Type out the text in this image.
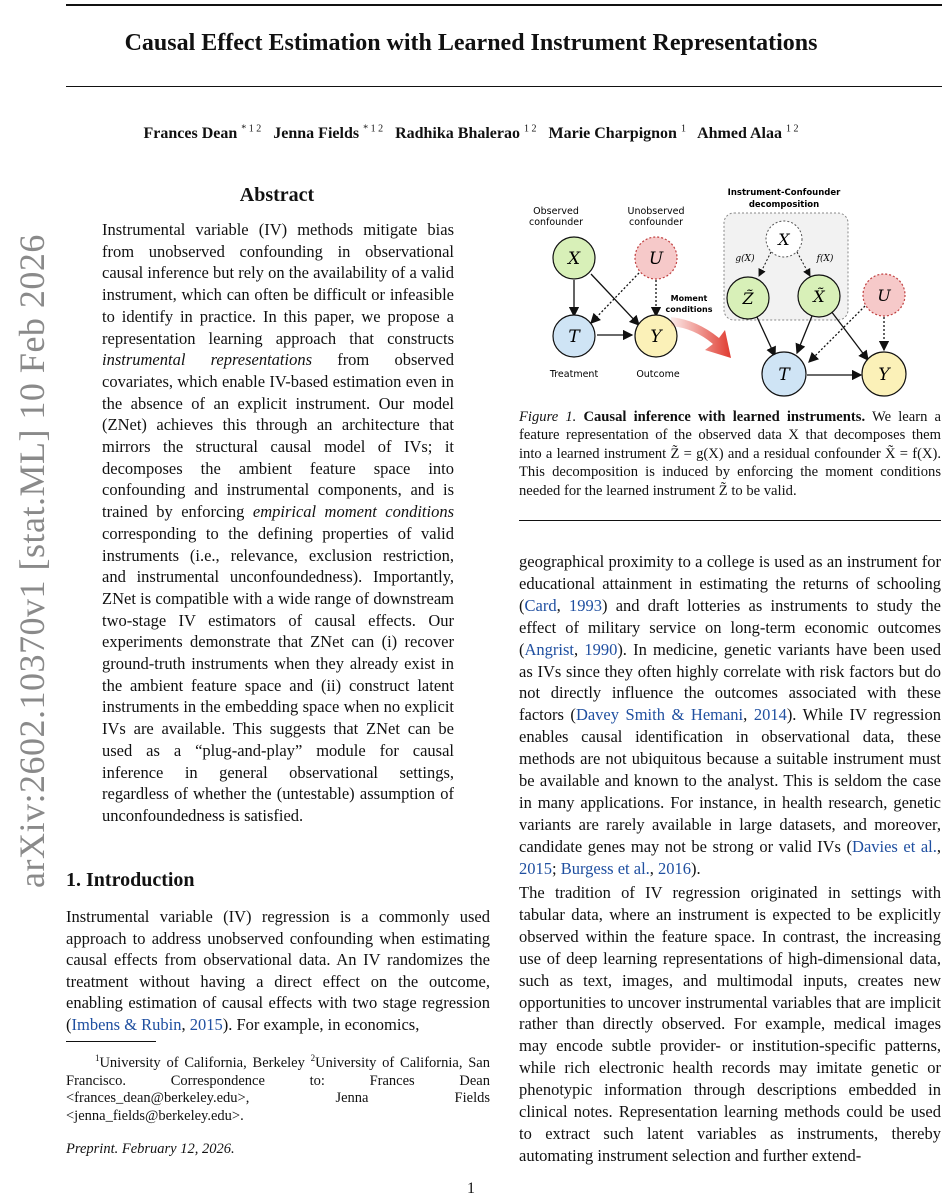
Causal Effect Estimation with Learned Instrument Representations
Frances Dean $^{* 1 2}$ Jenna Fields $^{* 1 2}$ Radhika Bhalerao $^{1 2}$ Marie Charpignon $^1$ Ahmed Alaa $^{1 2}$
arXiv:2602.10370v1 [stat.ML] 10 Feb 2026
Abstract
Instrumental variable (IV) methods mitigate bias from unobserved confounding in observational causal inference but rely on the availability of a valid instrument, which can often be difficult or infeasible to identify in practice. In this paper, we propose a representation learning approach that constructs instrumental representations from observed covariates, which enable IV-based estimation even in the absence of an explicit instrument. Our model (ZNet) achieves this through an architecture that mirrors the structural causal model of IVs; it decomposes the ambient feature space into confounding and instrumental components, and is trained by enforcing empirical moment conditions corresponding to the defining properties of valid instruments (i.e., relevance, exclusion restriction, and instrumental unconfoundedness). Importantly, ZNet is compatible with a wide range of downstream two-stage IV estimators of causal effects. Our experiments demonstrate that ZNet can (i) recover ground-truth instruments when they already exist in the ambient feature space and (ii) construct latent instruments in the embedding space when no explicit IVs are available. This suggests that ZNet can be used as a “plug-and-play” module for causal inference in general observational settings, regardless of whether the (untestable) assumption of unconfoundedness is satisfied.
1. Introduction
Instrumental variable (IV) regression is a commonly used approach to address unobserved confounding when estimating causal effects from observational data. An IV randomizes the treatment without having a direct effect on the outcome, enabling estimation of causal effects with two stage regression (Imbens & Rubin, 2015). For example, in economics,
$^1$University of California, Berkeley $^2$University of California, San Francisco. Correspondence to: Frances Dean <frances_dean@berkeley.edu>, Jenna Fields <jenna_fields@berkeley.edu>.
Preprint. February 12, 2026.
Observed
confounder
Unobserved
confounder
X	U
T	Y
Treatment	Outcome
Moment
conditions
Instrument-Confounder
decomposition
g(X)	f(X)
X
Z̃	X̃	U
T	Y
Figure 1. Causal inference with learned instruments. We learn a feature representation of the observed data X that decomposes them into a learned instrument Z̃ = g(X) and a residual confounder X̃ = f(X). This decomposition is induced by enforcing the moment conditions needed for the learned instrument Z̃ to be valid.
geographical proximity to a college is used as an instrument for educational attainment in estimating the returns of schooling (Card, 1993) and draft lotteries as instruments to study the effect of military service on long-term economic outcomes (Angrist, 1990). In medicine, genetic variants have been used as IVs since they often highly correlate with risk factors but do not directly influence the outcomes associated with these factors (Davey Smith & Hemani, 2014). While IV regression enables causal identification in observational data, these methods are not ubiquitous because a suitable instrument must be available and known to the analyst. This is seldom the case in many applications. For instance, in health research, genetic variants are rarely available in large datasets, and moreover, candidate genes may not be strong or valid IVs (Davies et al., 2015; Burgess et al., 2016).
The tradition of IV regression originated in settings with tabular data, where an instrument is expected to be explicitly observed within the feature space. In contrast, the increasing use of deep learning representations of high-dimensional data, such as text, images, and multimodal inputs, creates new opportunities to uncover instrumental variables that are implicit rather than directly observed. For example, medical images may encode subtle provider- or institution-specific patterns, while rich electronic health records may imitate genetic or phenotypic information through descriptions embedded in clinical notes. Representation learning methods could be used to extract such latent variables as instruments, thereby automating instrument selection and further extend-
1
